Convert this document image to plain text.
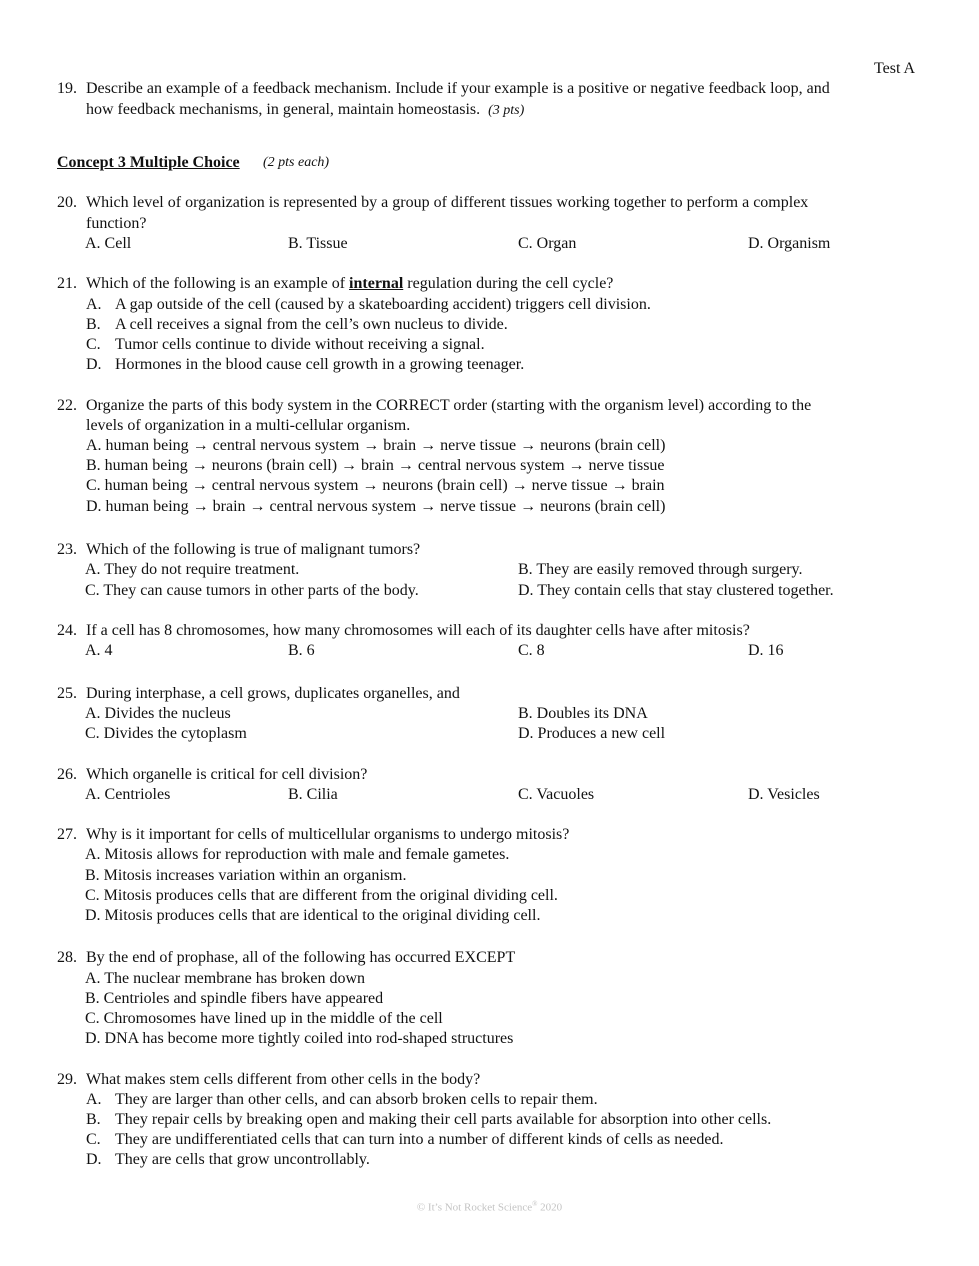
Test A
19. Describe an example of a feedback mechanism. Include if your example is a positive or negative feedback loop, and
how feedback mechanisms, in general, maintain homeostasis. (3 pts)
Concept 3 Multiple Choice (2 pts each)
20. Which level of organization is represented by a group of different tissues working together to perform a complex
function?
A. Cell	B. Tissue	C. Organ	D. Organism
21. Which of the following is an example of internal regulation during the cell cycle?
A. A gap outside of the cell (caused by a skateboarding accident) triggers cell division.
B. A cell receives a signal from the cell’s own nucleus to divide.
C. Tumor cells continue to divide without receiving a signal.
D. Hormones in the blood cause cell growth in a growing teenager.
22. Organize the parts of this body system in the CORRECT order (starting with the organism level) according to the
levels of organization in a multi-cellular organism.
A. human being → central nervous system → brain → nerve tissue → neurons (brain cell)
B. human being → neurons (brain cell) → brain → central nervous system → nerve tissue
C. human being → central nervous system → neurons (brain cell) → nerve tissue → brain
D. human being → brain → central nervous system → nerve tissue → neurons (brain cell)
23. Which of the following is true of malignant tumors?
A. They do not require treatment.	B. They are easily removed through surgery.
C. They can cause tumors in other parts of the body.	D. They contain cells that stay clustered together.
24. If a cell has 8 chromosomes, how many chromosomes will each of its daughter cells have after mitosis?
A. 4	B. 6	C. 8	D. 16
25. During interphase, a cell grows, duplicates organelles, and
A. Divides the nucleus	B. Doubles its DNA
C. Divides the cytoplasm	D. Produces a new cell
26. Which organelle is critical for cell division?
A. Centrioles	B. Cilia	C. Vacuoles	D. Vesicles
27. Why is it important for cells of multicellular organisms to undergo mitosis?
A. Mitosis allows for reproduction with male and female gametes.
B. Mitosis increases variation within an organism.
C. Mitosis produces cells that are different from the original dividing cell.
D. Mitosis produces cells that are identical to the original dividing cell.
28. By the end of prophase, all of the following has occurred EXCEPT
A. The nuclear membrane has broken down
B. Centrioles and spindle fibers have appeared
C. Chromosomes have lined up in the middle of the cell
D. DNA has become more tightly coiled into rod-shaped structures
29. What makes stem cells different from other cells in the body?
A. They are larger than other cells, and can absorb broken cells to repair them.
B. They repair cells by breaking open and making their cell parts available for absorption into other cells.
C. They are undifferentiated cells that can turn into a number of different kinds of cells as needed.
D. They are cells that grow uncontrollably.
© It’s Not Rocket Science® 2020
